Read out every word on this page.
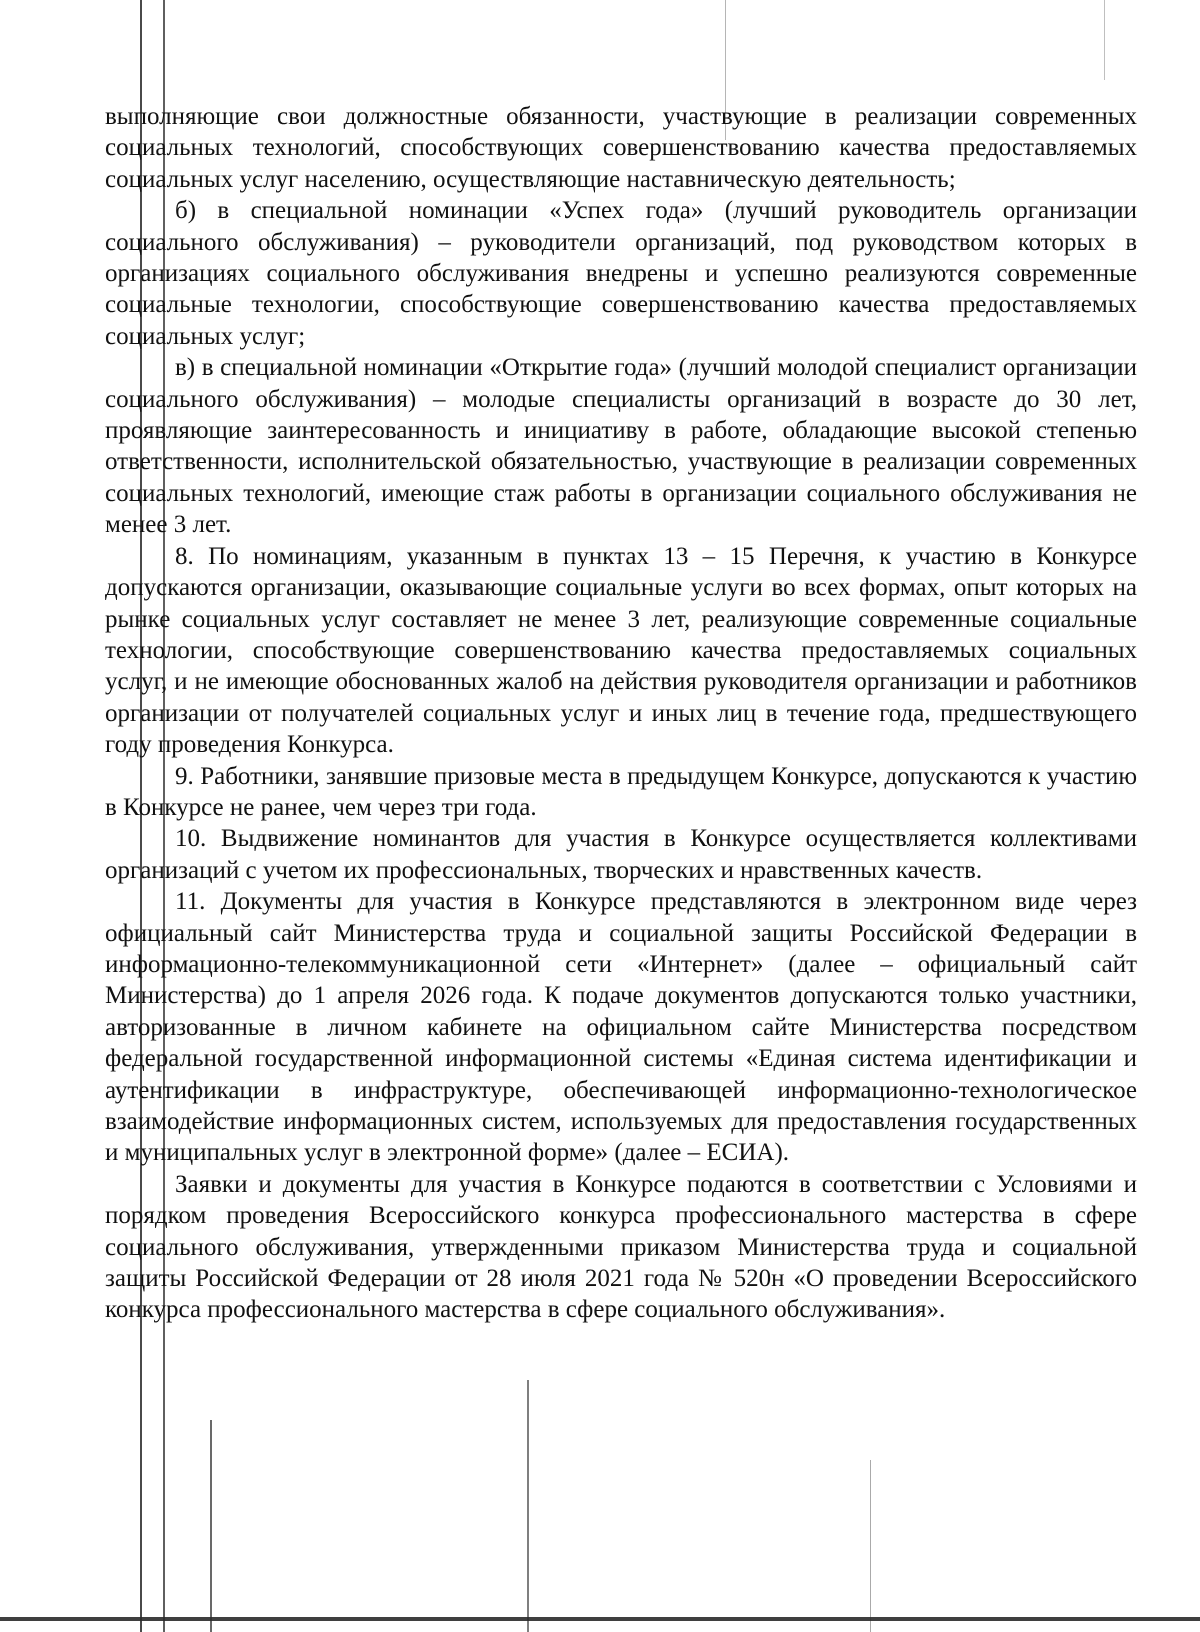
выполняющие свои должностные обязанности, участвующие в реализации современных социальных технологий, способствующих совершенствованию качества предоставляемых социальных услуг населению, осуществляющие наставническую деятельность;

б) в специальной номинации «Успех года» (лучший руководитель организации социального обслуживания) – руководители организаций, под руководством которых в организациях социального обслуживания внедрены и успешно реализуются современные социальные технологии, способствующие совершенствованию качества предоставляемых социальных услуг;

в) в специальной номинации «Открытие года» (лучший молодой специалист организации социального обслуживания) – молодые специалисты организаций в возрасте до 30 лет, проявляющие заинтересованность и инициативу в работе, обладающие высокой степенью ответственности, исполнительской обязательностью, участвующие в реализации современных социальных технологий, имеющие стаж работы в организации социального обслуживания не менее 3 лет.

8. По номинациям, указанным в пунктах 13 – 15 Перечня, к участию в Конкурсе допускаются организации, оказывающие социальные услуги во всех формах, опыт которых на рынке социальных услуг составляет не менее 3 лет, реализующие современные социальные технологии, способствующие совершенствованию качества предоставляемых социальных услуг, и не имеющие обоснованных жалоб на действия руководителя организации и работников организации от получателей социальных услуг и иных лиц в течение года, предшествующего году проведения Конкурса.

9. Работники, занявшие призовые места в предыдущем Конкурсе, допускаются к участию в Конкурсе не ранее, чем через три года.

10. Выдвижение номинантов для участия в Конкурсе осуществляется коллективами организаций с учетом их профессиональных, творческих и нравственных качеств.

11. Документы для участия в Конкурсе представляются в электронном виде через официальный сайт Министерства труда и социальной защиты Российской Федерации в информационно-телекоммуникационной сети «Интернет» (далее – официальный сайт Министерства) до 1 апреля 2026 года. К подаче документов допускаются только участники, авторизованные в личном кабинете на официальном сайте Министерства посредством федеральной государственной информационной системы «Единая система идентификации и аутентификации в инфраструктуре, обеспечивающей информационно-технологическое взаимодействие информационных систем, используемых для предоставления государственных и муниципальных услуг в электронной форме» (далее – ЕСИА).

Заявки и документы для участия в Конкурсе подаются в соответствии с Условиями и порядком проведения Всероссийского конкурса профессионального мастерства в сфере социального обслуживания, утвержденными приказом Министерства труда и социальной защиты Российской Федерации от 28 июля 2021 года № 520н «О проведении Всероссийского конкурса профессионального мастерства в сфере социального обслуживания».
